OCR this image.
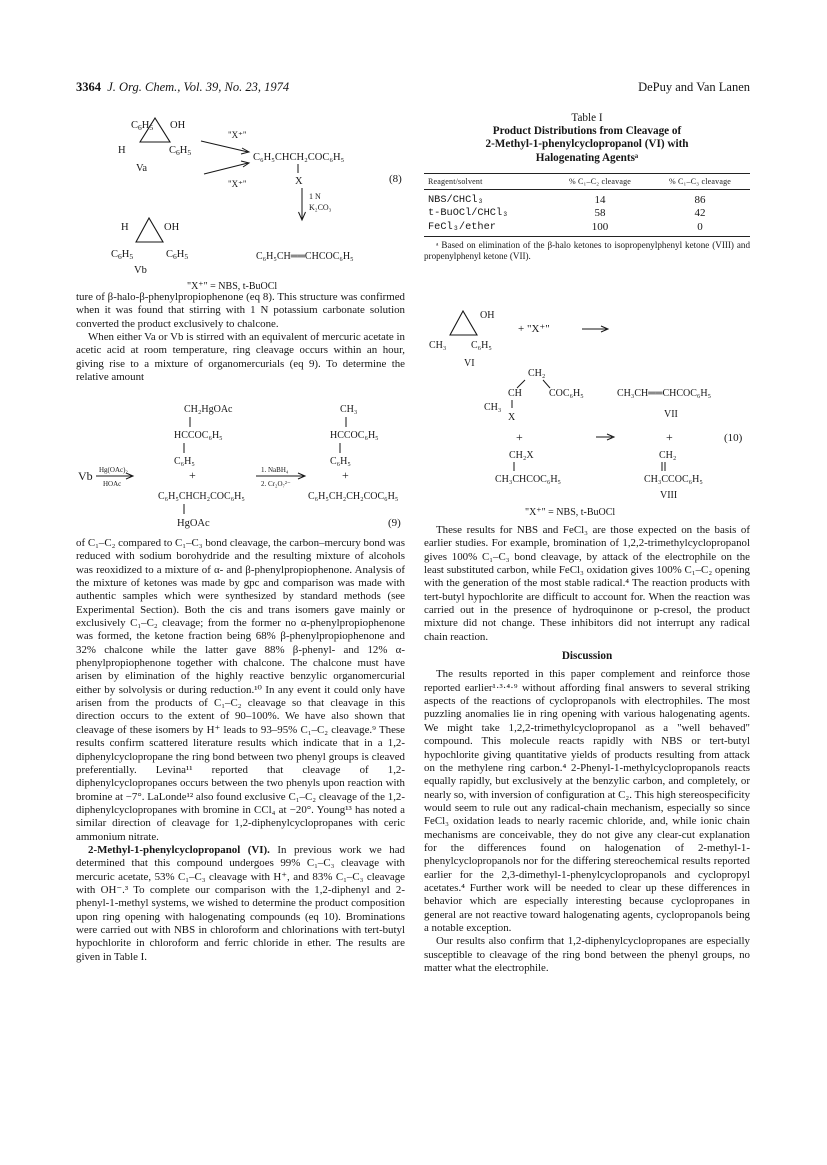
3364 J. Org. Chem., Vol. 39, No. 23, 1974	DePuy and Van Lanen
C6H5 OH
H	C6H5
Va
"X⁺"
"X⁺"
C₆H₅CHCH₂COC₆H₅
X	(8)
1 N
K₂CO₃
H	OH
C6H5	C6H5
Vb
C₆H₅CH══CHCOC₆H₅
"X⁺" = NBS, t-BuOCl

ture of β-halo-β-phenylpropiophenone (eq 8). This structure was confirmed when it was found that stirring with 1 N potassium carbonate solution converted the product exclusively to chalcone.

When either Va or Vb is stirred with an equivalent of mercuric acetate in acetic acid at room temperature, ring cleavage occurs within an hour, giving rise to a mixture of organomercurials (eq 9). To determine the relative amount

CH₂HgOAc
HCCOC₆H₅
C₆H₅
CH₃
HCCOC₆H₅
C₆H₅
Vb Hg(OAc)₂
HOAc
+	1. NaBH₄
2. Cr₂O₇²⁻
+
C₆H₅CHCH₂COC₆H₅
HgOAc
C₆H₅CH₂CH₂COC₆H₅
(9)

of C₁–C₂ compared to C₁–C₃ bond cleavage, the carbon–mercury bond was reduced with sodium borohydride and the resulting mixture of alcohols was reoxidized to a mixture of α- and β-phenylpropiophenone. Analysis of the mixture of ketones was made by gpc and comparison was made with authentic samples which were synthesized by standard methods (see Experimental Section). Both the cis and trans isomers gave mainly or exclusively C₁–C₂ cleavage; from the former no α-phenylpropiophenone was formed, the ketone fraction being 68% β-phenylpropiophenone and 32% chalcone while the latter gave 88% β-phenyl- and 12% α-phenylpropiophenone together with chalcone. The chalcone must have arisen by elimination of the highly reactive benzylic organomercurial either by solvolysis or during reduction.¹⁰ In any event it could only have arisen from the products of C₁–C₂ cleavage so that cleavage in this direction occurs to the extent of 90–100%. We have also shown that cleavage of these isomers by H⁺ leads to 93–95% C₁–C₂ cleavage.⁹ These results confirm scattered literature results which indicate that in a 1,2-diphenylcyclopropane the ring bond between two phenyl groups is cleaved preferentially. Levina¹¹ reported that cleavage of 1,2-diphenylcyclopropanes occurs between the two phenyls upon reaction with bromine at −7°. LaLonde¹² also found exclusive C₁–C₂ cleavage of the 1,2-diphenylcyclopropanes with bromine in CCl₄ at −20°. Young¹³ has noted a similar direction of cleavage for 1,2-diphenylcyclopropanes with ceric ammonium nitrate.

2-Methyl-1-phenylcyclopropanol (VI). In previous work we had determined that this compound undergoes 99% C₁–C₃ cleavage with mercuric acetate, 53% C₁–C₃ cleavage with H⁺, and 83% C₁–C₃ cleavage with OH⁻.³ To complete our comparison with the 1,2-diphenyl and 2-phenyl-1-methyl systems, we wished to determine the product composition upon ring opening with halogenating compounds (eq 10). Brominations were carried out with NBS in chloroform and chlorinations with tert-butyl hypochlorite in chloroform and ferric chloride in ether. The results are given in Table I.

Table I
Product Distributions from Cleavage of
2-Methyl-1-phenylcyclopropanol (VI) with
Halogenating Agentsᵃ
Reagent/solvent	% C₁–C₂ cleavage	% C₁–C₃ cleavage
NBS/CHCl₃	14	86
t-BuOCl/CHCl₃	58	42
FeCl₃/ether	100	0
ᵃ Based on elimination of the β-halo ketones to isopropenylphenyl ketone (VIII) and propenylphenyl ketone (VII).
OH
CH₃ C₆H₅
VI
+ "X⁺"
CH₂
CH	COC₆H₅
CH₃
X
CH₃CH══CHCOC₆H₅
VII
+	+	(10)
CH₂X
CH₃CHCOC₆H₅
CH₂
CH₃CCOC₆H₅
VIII
"X⁺" = NBS, t-BuOCl

These results for NBS and FeCl₃ are those expected on the basis of earlier studies. For example, bromination of 1,2,2-trimethylcyclopropanol gives 100% C₁–C₃ bond cleavage, by attack of the electrophile on the least substituted carbon, while FeCl₃ oxidation gives 100% C₁–C₂ opening with the generation of the most stable radical.⁴ The reaction products with tert-butyl hypochlorite are difficult to account for. When the reaction was carried out in the presence of hydroquinone or p-cresol, the product mixture did not change. These inhibitors did not interrupt any radical chain reaction.

Discussion

The results reported in this paper complement and reinforce those reported earlier¹·³·⁴·⁹ without affording final answers to several striking aspects of the reactions of cyclopropanols with electrophiles. The most puzzling anomalies lie in ring opening with various halogenating agents. We might take 1,2,2-trimethylcyclopropanol as a "well behaved" compound. This molecule reacts rapidly with NBS or tert-butyl hypochlorite giving quantitative yields of products resulting from attack on the methylene ring carbon.⁴ 2-Phenyl-1-methylcyclopropanols reacts equally rapidly, but exclusively at the benzylic carbon, and completely, or nearly so, with inversion of configuration at C₂. This high stereospecificity would seem to rule out any radical-chain mechanism, especially so since FeCl₃ oxidation leads to nearly racemic chloride, and, while ionic chain mechanisms are conceivable, they do not give any clear-cut explanation for the differences found on halogenation of 2-methyl-1-phenylcyclopropanols nor for the differing stereochemical results reported earlier for the 2,3-dimethyl-1-phenylcyclopropanols and cyclopropyl acetates.⁴ Further work will be needed to clear up these differences in behavior which are especially interesting because cyclopropanes in general are not reactive toward halogenating agents, cyclopropanols being a notable exception.

Our results also confirm that 1,2-diphenylcyclopropanes are especially susceptible to cleavage of the ring bond between the phenyl groups, no matter what the electrophile.
